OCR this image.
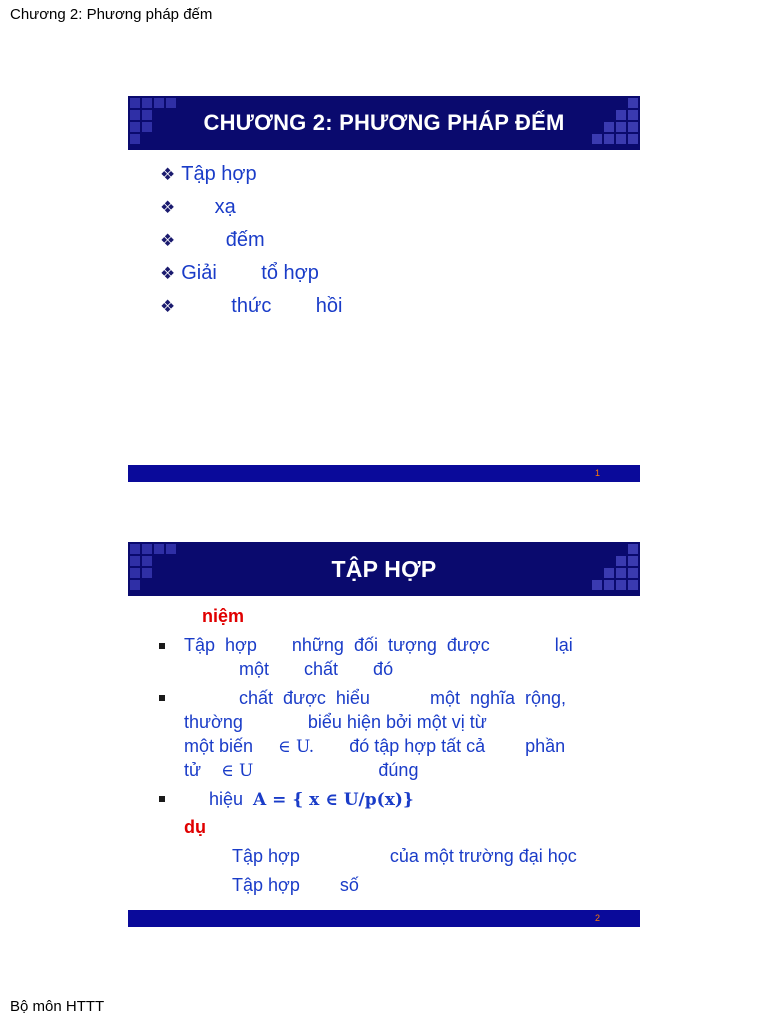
Chương 2: Phương pháp đếm
CHƯƠNG 2: PHƯƠNG PHÁP ĐẾM
❖ Tập hợp
❖      xạ
❖        đếm
❖ Giải        tổ hợp
❖         thức        hồi
1
TẬP HỢP
niệm
Tập  hợp       những  đối  tượng  được             lại
một       chất       đó
chất  được  hiểu            một  nghĩa  rộng,
thường             biểu hiện bởi một vị từ
một biến     ∈ U.       đó tập hợp tất cả        phần
tử    ∈ U                         đúng
hiệu  A = { x ∈ U/p(x)}
dụ
Tập hợp                  của một trường đại học
Tập hợp        số
2
Bộ môn HTTT
